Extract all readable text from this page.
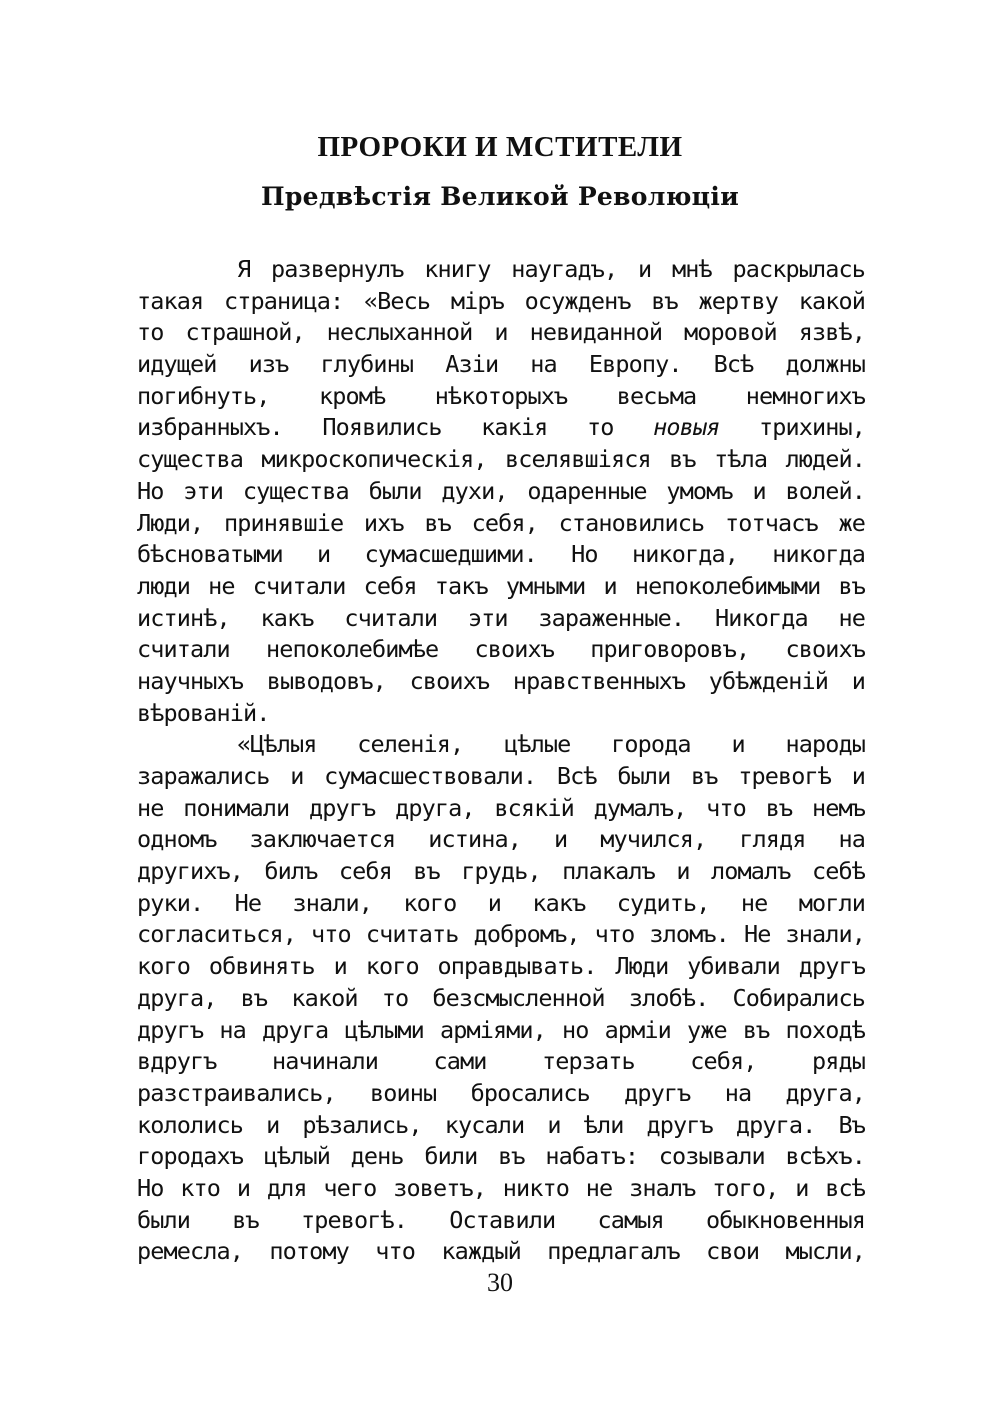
ПРОРОКИ И МСТИТЕЛИ
Предвѣстія Великой Революціи
Я развернулъ книгу наугадъ, и мнѣ раскрылась
такая страница: «Весь міръ осужденъ въ жертву какой
то страшной, неслыханной и невиданной моровой язвѣ,
идущей изъ глубины Азіи на Европу. Всѣ должны
погибнуть, кромѣ нѣкоторыхъ весьма немногихъ
избранныхъ. Появились какія то новыя трихины,
существа микроскопическія, вселявшіяся въ тѣла людей.
Но эти существа были духи, одаренные умомъ и волей.
Люди, принявшіе ихъ въ себя, становились тотчасъ же
бѣсноватыми и сумасшедшими. Но никогда, никогда
люди не считали себя такъ умными и непоколебимыми въ
истинѣ, какъ считали эти зараженные. Никогда не
считали непоколебимѣе своихъ приговоровъ, своихъ
научныхъ выводовъ, своихъ нравственныхъ убѣжденій и
вѣрованій.
«Цѣлыя селенія, цѣлые города и народы
заражались и сумасшествовали. Всѣ были въ тревогѣ и
не понимали другъ друга, всякій думалъ, что въ немъ
одномъ заключается истина, и мучился, глядя на
другихъ, билъ себя въ грудь, плакалъ и ломалъ себѣ
руки. Не знали, кого и какъ судить, не могли
согласиться, что считать добромъ, что зломъ. Не знали,
кого обвинять и кого оправдывать. Люди убивали другъ
друга, въ какой то безсмысленной злобѣ. Собирались
другъ на друга цѣлыми арміями, но арміи уже въ походѣ
вдругъ начинали сами терзать себя, ряды
разстраивались, воины бросались другъ на друга,
кололись и рѣзались, кусали и ѣли другъ друга. Въ
городахъ цѣлый день били въ набатъ: созывали всѣхъ.
Но кто и для чего зоветъ, никто не зналъ того, и всѣ
были въ тревогѣ. Оставили самыя обыкновенныя
ремесла, потому что каждый предлагалъ свои мысли,
30
